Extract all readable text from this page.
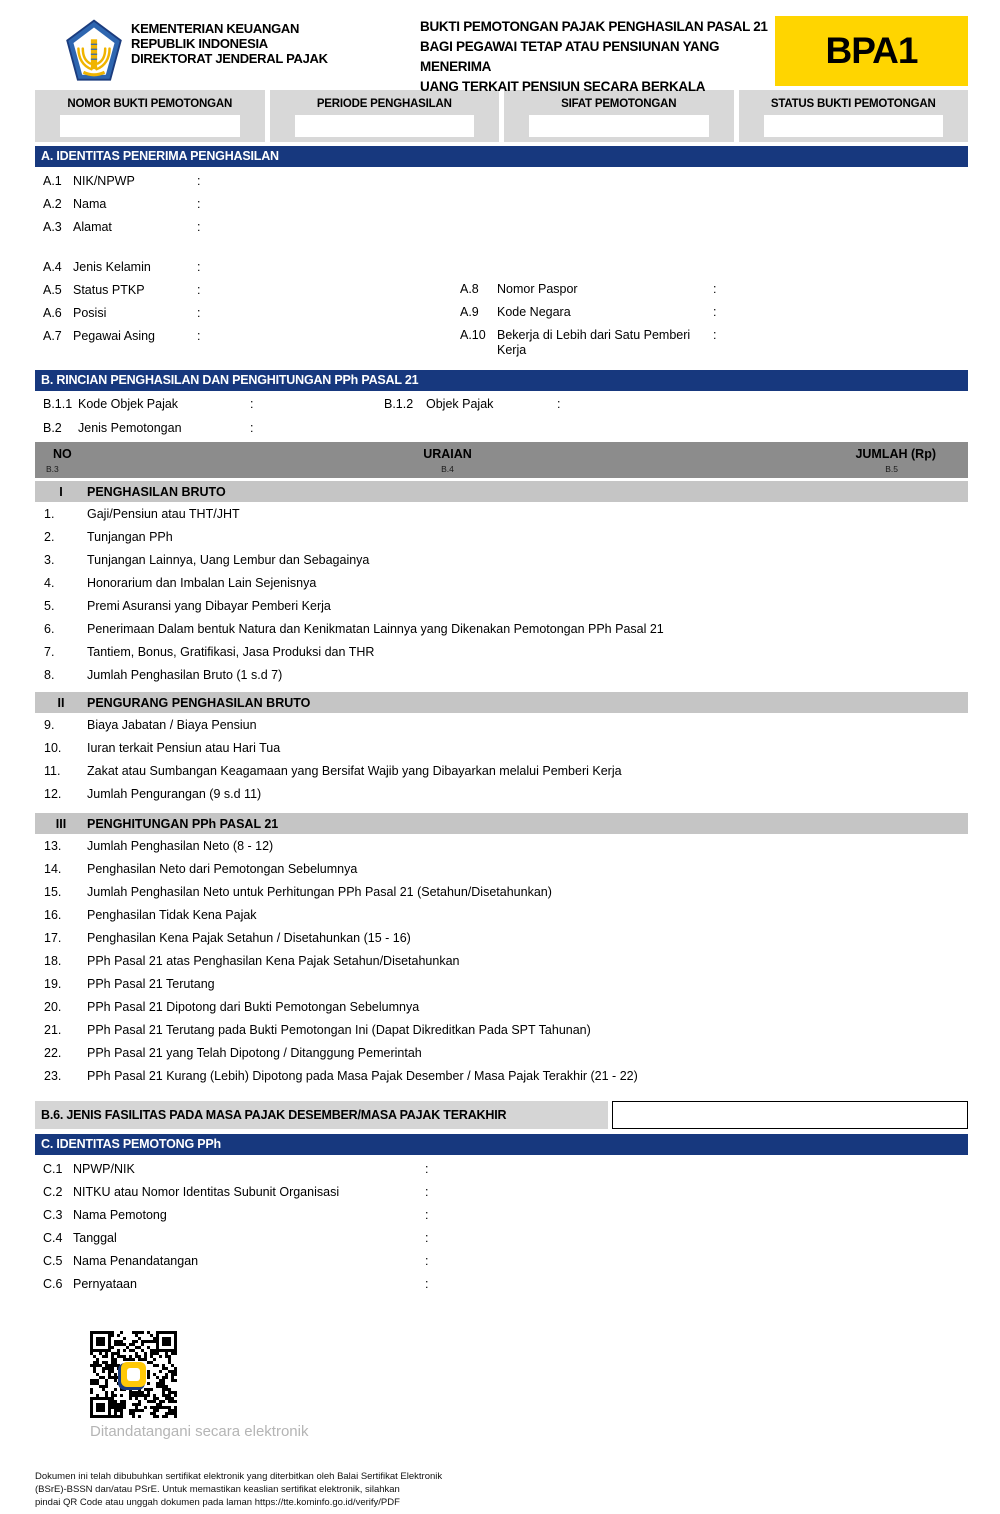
KEMENTERIAN KEUANGAN
REPUBLIK INDONESIA
DIREKTORAT JENDERAL PAJAK
BUKTI PEMOTONGAN PAJAK PENGHASILAN PASAL 21
BAGI PEGAWAI TETAP ATAU PENSIUNAN YANG MENERIMA
UANG TERKAIT PENSIUN SECARA BERKALA
BPA1
NOMOR BUKTI PEMOTONGAN	PERIODE PENGHASILAN	SIFAT PEMOTONGAN	STATUS BUKTI PEMOTONGAN
A. IDENTITAS PENERIMA PENGHASILAN
A.1 NIK/NPWP	:
A.2 Nama	:
A.3 Alamat	:
A.4 Jenis Kelamin	:
A.5 Status PTKP	:
A.6 Posisi	:
A.7 Pegawai Asing	:
A.8	Nomor Paspor	:
A.9	Kode Negara	:
A.10 Bekerja di Lebih dari Satu Pemberi Kerja
:
B. RINCIAN PENGHASILAN DAN PENGHITUNGAN PPh PASAL 21
B.1.1 Kode Objek Pajak	:	B.1.2	Objek Pajak	:
B.2	Jenis Pemotongan	:
NO	URAIAN	JUMLAH (Rp)
B.3	B.4	B.5
I	PENGHASILAN BRUTO
1.	Gaji/Pensiun atau THT/JHT
2.	Tunjangan PPh
3.	Tunjangan Lainnya, Uang Lembur dan Sebagainya
4.	Honorarium dan Imbalan Lain Sejenisnya
5.	Premi Asuransi yang Dibayar Pemberi Kerja
6.	Penerimaan Dalam bentuk Natura dan Kenikmatan Lainnya yang Dikenakan Pemotongan PPh Pasal 21
7.	Tantiem, Bonus, Gratifikasi, Jasa Produksi dan THR
8.	Jumlah Penghasilan Bruto (1 s.d 7)
II	PENGURANG PENGHASILAN BRUTO
9.	Biaya Jabatan / Biaya Pensiun
10.	Iuran terkait Pensiun atau Hari Tua
11.	Zakat atau Sumbangan Keagamaan yang Bersifat Wajib yang Dibayarkan melalui Pemberi Kerja
12.	Jumlah Pengurangan (9 s.d 11)
III	PENGHITUNGAN PPh PASAL 21
13.	Jumlah Penghasilan Neto (8 - 12)
14.	Penghasilan Neto dari Pemotongan Sebelumnya
15.	Jumlah Penghasilan Neto untuk Perhitungan PPh Pasal 21 (Setahun/Disetahunkan)
16.	Penghasilan Tidak Kena Pajak
17.	Penghasilan Kena Pajak Setahun / Disetahunkan (15 - 16)
18.	PPh Pasal 21 atas Penghasilan Kena Pajak Setahun/Disetahunkan
19.	PPh Pasal 21 Terutang
20.	PPh Pasal 21 Dipotong dari Bukti Pemotongan Sebelumnya
21.	PPh Pasal 21 Terutang pada Bukti Pemotongan Ini (Dapat Dikreditkan Pada SPT Tahunan)
22.	PPh Pasal 21 yang Telah Dipotong / Ditanggung Pemerintah
23.	PPh Pasal 21 Kurang (Lebih) Dipotong pada Masa Pajak Desember / Masa Pajak Terakhir (21 - 22)
B.6. JENIS FASILITAS PADA MASA PAJAK DESEMBER/MASA PAJAK TERAKHIR
C. IDENTITAS PEMOTONG PPh
C.1 NPWP/NIK	:
C.2 NITKU atau Nomor Identitas Subunit Organisasi	:
C.3 Nama Pemotong	:
C.4 Tanggal	:
C.5 Nama Penandatangan	:
C.6 Pernyataan	:
Ditandatangani secara elektronik
Dokumen ini telah dibubuhkan sertifikat elektronik yang diterbitkan oleh Balai Sertifikat Elektronik
(BSrE)-BSSN dan/atau PSrE. Untuk memastikan keaslian sertifikat elektronik, silahkan
pindai QR Code atau unggah dokumen pada laman https://tte.kominfo.go.id/verify/PDF
